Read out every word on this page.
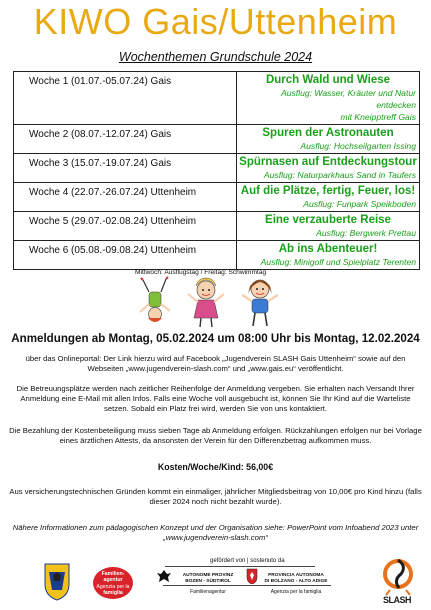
KIWO Gais/Uttenheim
Wochenthemen Grundschule 2024
Woche 1 (01.07.-05.07.24) Gais	Durch Wald und Wiese
Ausflug: Wasser, Kräuter und Natur entdecken
mit Kneipptreff Gais

Woche 2 (08.07.-12.07.24) Gais	Spuren der Astronauten
Ausflug: Hochseilgarten Issing

Woche 3 (15.07.-19.07.24) Gais	Spürnasen auf Entdeckungstour
Ausflug: Naturparkhaus Sand in Taufers

Woche 4 (22.07.-26.07.24) Uttenheim	Auf die Plätze, fertig, Feuer, los!
Ausflug: Funpark Speikboden

Woche 5 (29.07.-02.08.24) Uttenheim	Eine verzauberte Reise
Ausflug: Bergwerk Prettau

Woche 6 (05.08.-09.08.24) Uttenheim	Ab ins Abenteuer!
Ausflug: Minigolf und Spielplatz Terenten
Mittwoch: Ausflugstag / Freitag: Schwimmtag
Anmeldungen ab Montag, 05.02.2024 um 08:00 Uhr bis Montag, 12.02.2024
über das Onlineportal: Der Link hierzu wird auf Facebook „Jugendverein SLASH Gais Uttenheim“ sowie auf den Webseiten „www.jugendverein-slash.com“ und „www.gais.eu“ veröffentlicht.
Die Betreuungsplätze werden nach zeitlicher Reihenfolge der Anmeldung vergeben. Sie erhalten nach Versandt Ihrer Anmeldung eine E-Mail mit allen Infos. Falls eine Woche voll ausgebucht ist, können Sie Ihr Kind auf die Warteliste setzen. Sobald ein Platz frei wird, werden Sie von uns kontaktiert.
Die Bezahlung der Kostenbeteiligung muss sieben Tage ab Anmeldung erfolgen. Rückzahlungen erfolgen nur bei Vorlage eines ärztlichen Attests, da ansonsten der Verein für den Differenzbetrag aufkommen muss.
Kosten/Woche/Kind: 56,00€
Aus versicherungstechnischen Gründen kommt ein einmaliger, jährlicher Mitgliedsbeitrag von 10,00€ pro Kind hinzu (falls dieser 2024 noch nicht bezahlt wurde).
Nähere Informationen zum pädagogischen Konzept und der Organisation siehe: PowerPoint vom Infoabend 2023 unter „www.jugendverein-slash.com“
gefördert von | sostenuto da
Familien-
agentur
Agenzia per la
famiglia
AUTONOME PROVINZ
BOZEN - SÜDTIROL
PROVINCIA AUTONOMA
DI BOLZANO - ALTO ADIGE
Familienagentur	Agenzia per la famiglia
SLASH
